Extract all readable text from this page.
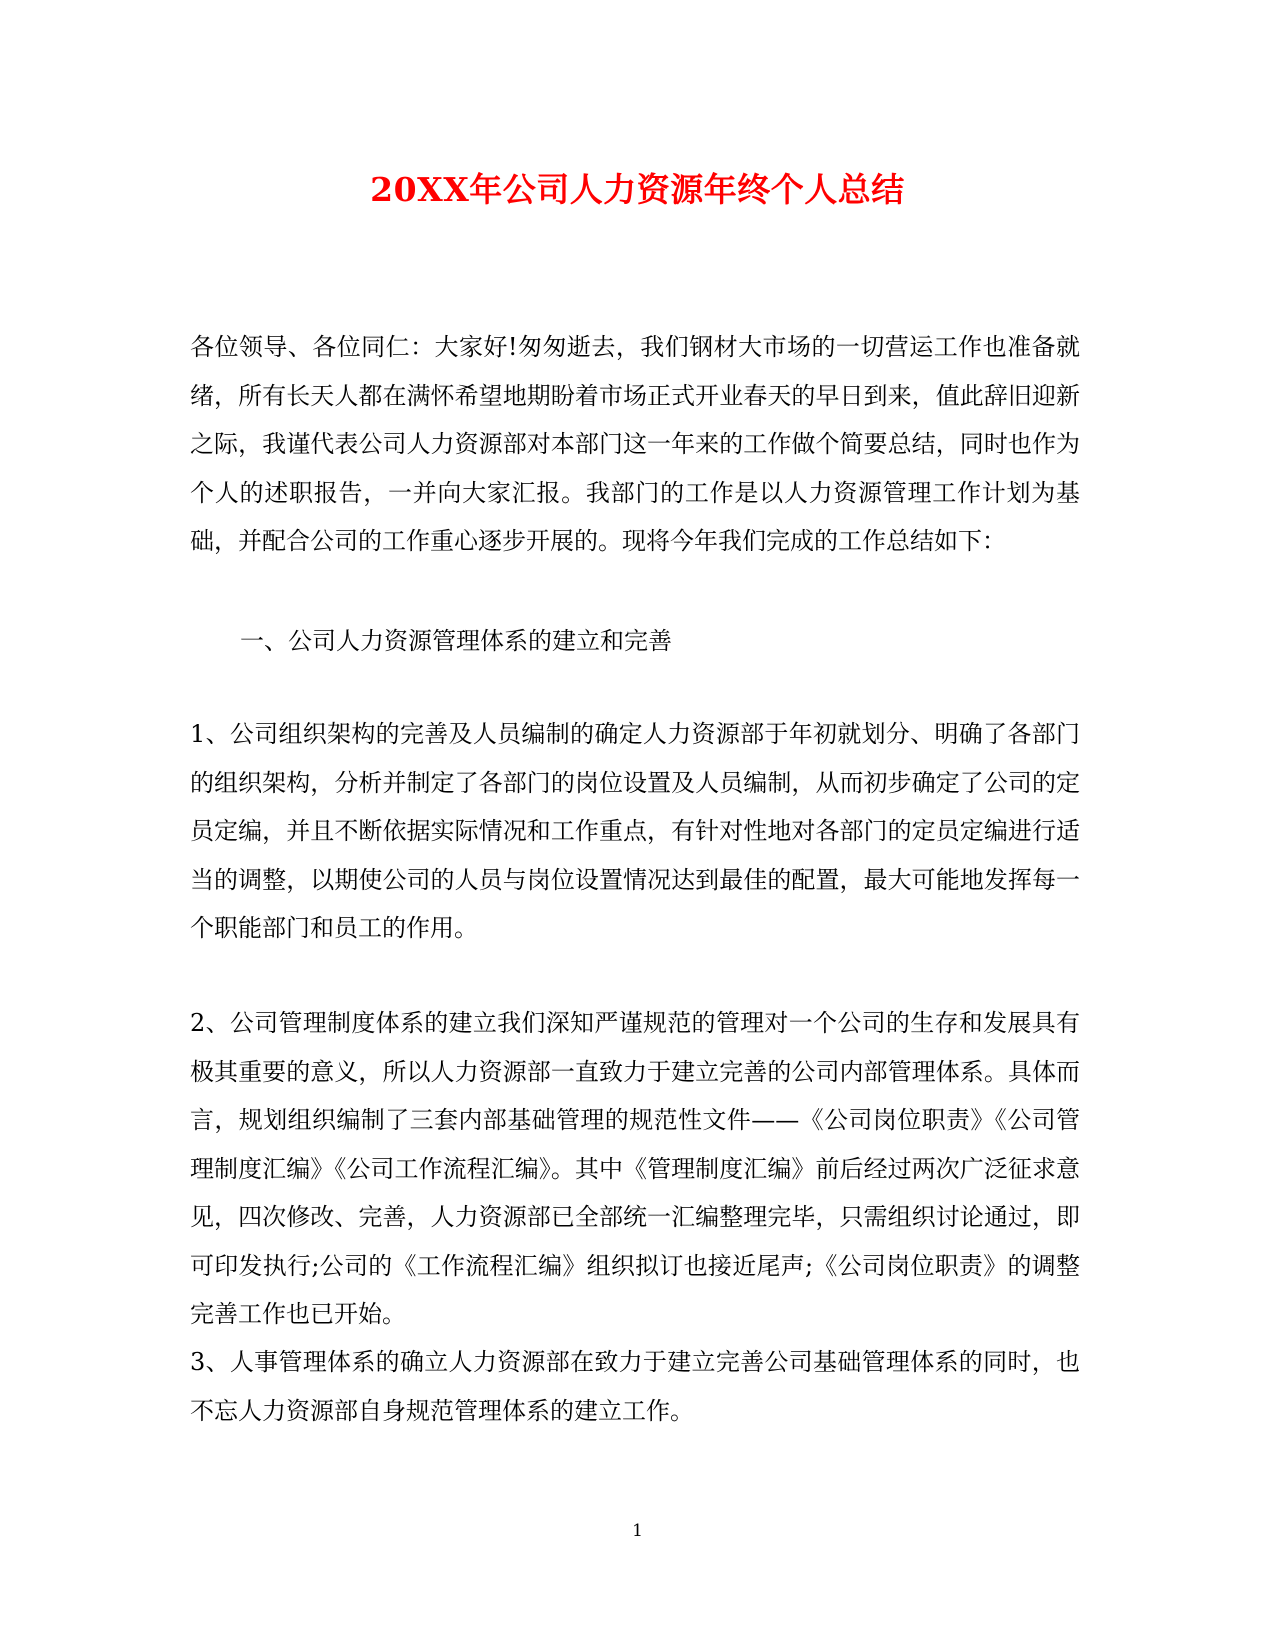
20XX年公司人力资源年终个人总结
各位领导、各位同仁：大家好!匆匆逝去，我们钢材大市场的一切营运工作也准备就绪，所有长天人都在满怀希望地期盼着市场正式开业春天的早日到来，值此辞旧迎新之际，我谨代表公司人力资源部对本部门这一年来的工作做个简要总结，同时也作为个人的述职报告，一并向大家汇报。我部门的工作是以人力资源管理工作计划为基础，并配合公司的工作重心逐步开展的。现将今年我们完成的工作总结如下：
一、公司人力资源管理体系的建立和完善
1、公司组织架构的完善及人员编制的确定人力资源部于年初就划分、明确了各部门的组织架构，分析并制定了各部门的岗位设置及人员编制，从而初步确定了公司的定员定编，并且不断依据实际情况和工作重点，有针对性地对各部门的定员定编进行适当的调整，以期使公司的人员与岗位设置情况达到最佳的配置，最大可能地发挥每一个职能部门和员工的作用。
2、公司管理制度体系的建立我们深知严谨规范的管理对一个公司的生存和发展具有极其重要的意义，所以人力资源部一直致力于建立完善的公司内部管理体系。具体而言，规划组织编制了三套内部基础管理的规范性文件——《公司岗位职责》《公司管理制度汇编》《公司工作流程汇编》。其中《管理制度汇编》前后经过两次广泛征求意见，四次修改、完善，人力资源部已全部统一汇编整理完毕，只需组织讨论通过，即可印发执行;公司的《工作流程汇编》组织拟订也接近尾声;《公司岗位职责》的调整完善工作也已开始。
3、人事管理体系的确立人力资源部在致力于建立完善公司基础管理体系的同时，也不忘人力资源部自身规范管理体系的建立工作。
1
